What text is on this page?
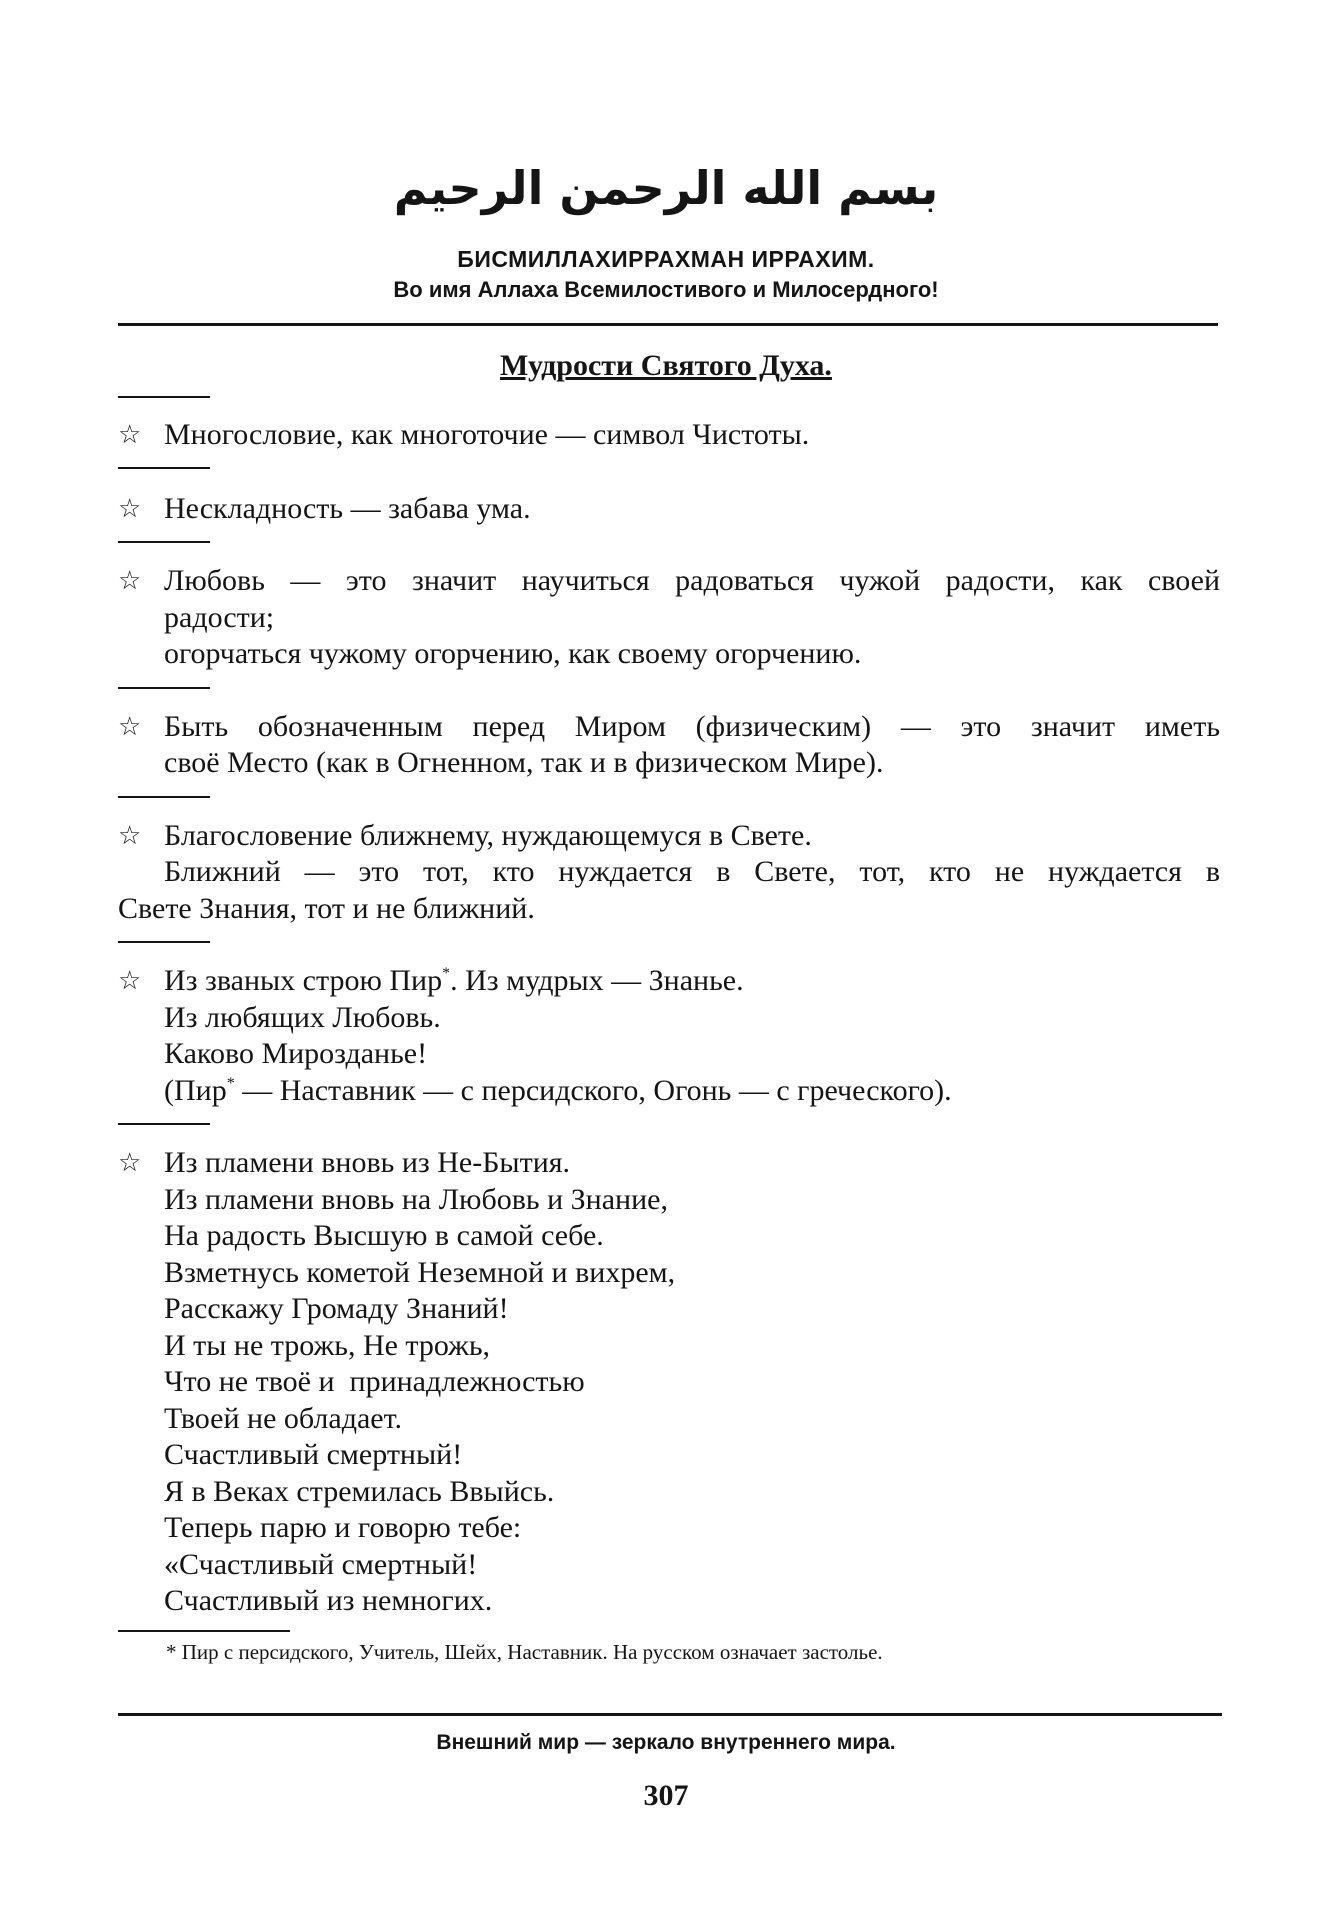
بسم الله الرحمن الرحيم
БИСМИЛЛАХИРРАХМАН ИРРАХИМ.
Во имя Аллаха Всемилостивого и Милосердного!
Мудрости Святого Духа.
☆ Многословие, как многоточие — символ Чистоты.
☆ Нескладность — забава ума.
☆ Любовь — это значит научиться радоваться чужой радости, как своей
радости;
огорчаться чужому огорчению, как своему огорчению.
☆ Быть обозначенным перед Миром (физическим) — это значит иметь
своё Место (как в Огненном, так и в физическом Мире).
☆ Благословение ближнему, нуждающемуся в Свете.
Ближний — это тот, кто нуждается в Свете, тот, кто не нуждается в
Свете Знания, тот и не ближний.
☆ Из званых строю Пир*. Из мудрых — Знанье.
Из любящих Любовь.
Каково Мирозданье!
(Пир* — Наставник — с персидского, Огонь — с греческого).
☆ Из пламени вновь из Не-Бытия.
Из пламени вновь на Любовь и Знание,
На радость Высшую в самой себе.
Взметнусь кометой Неземной и вихрем,
Расскажу Громаду Знаний!
И ты не трожь, Не трожь,
Что не твоё и  принадлежностью
Твоей не обладает.
Счастливый смертный!
Я в Веках стремилась Ввыйсь.
Теперь парю и говорю тебе:
«Счастливый смертный!
Счастливый из немногих.
* Пир с персидского, Учитель, Шейх, Наставник. На русском означает застолье.
Внешний мир — зеркало внутреннего мира.
307
